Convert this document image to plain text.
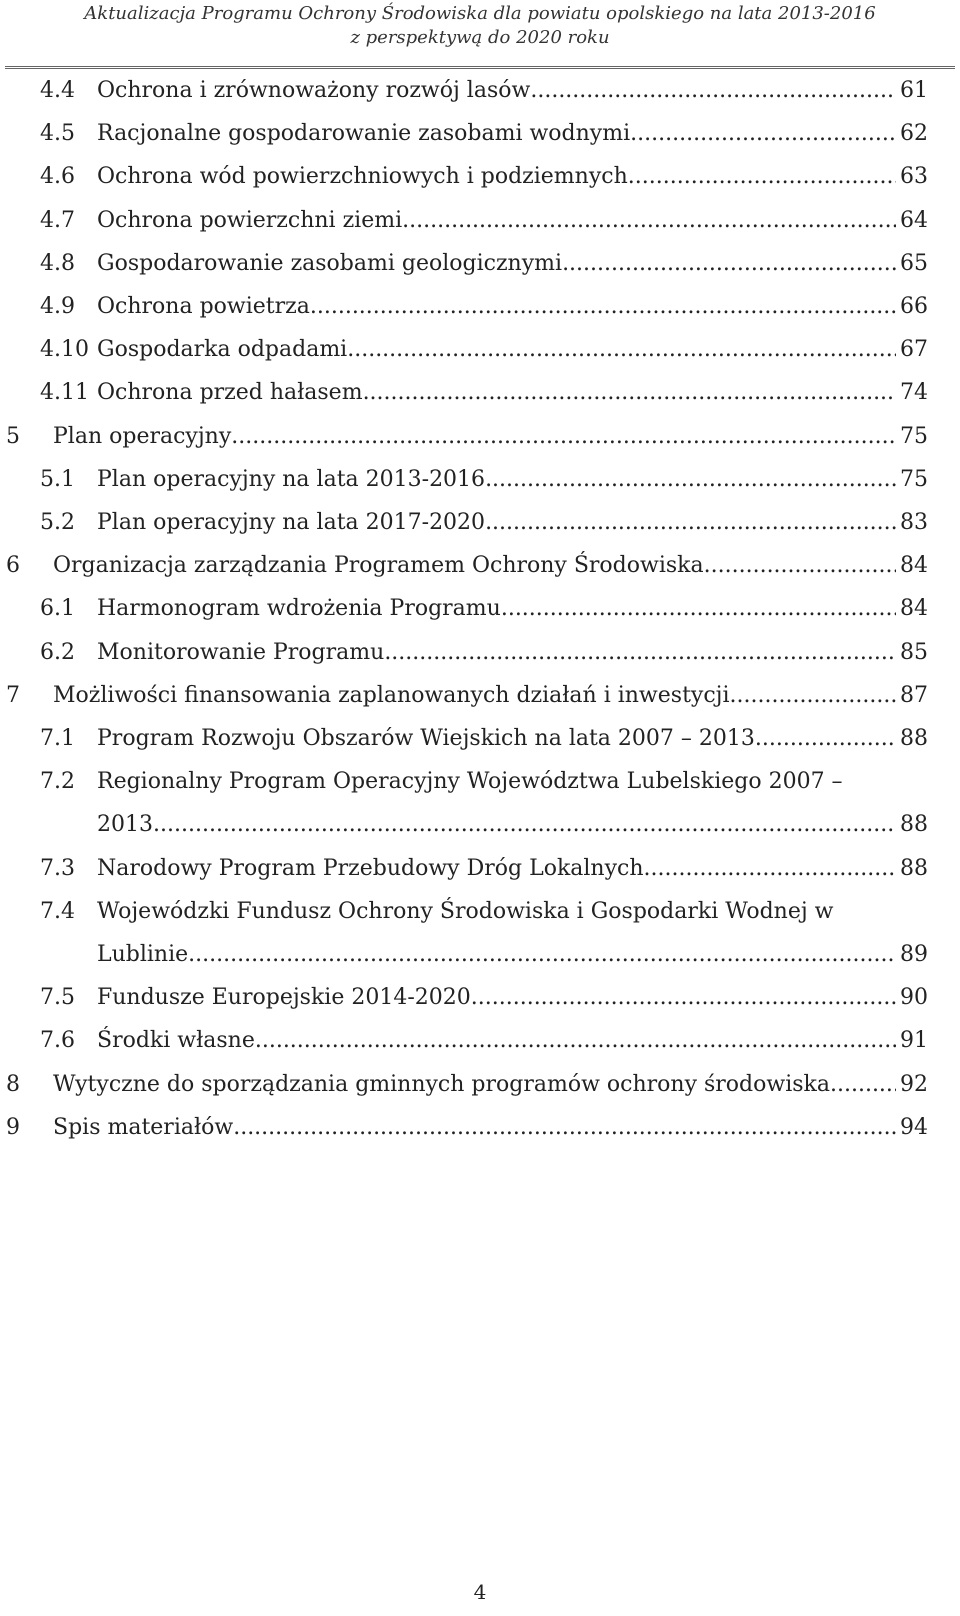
Aktualizacja Programu Ochrony Środowiska dla powiatu opolskiego na lata 2013-2016
z perspektywą do 2020 roku
4.4 Ochrona i zrównoważony rozwój lasów .....	61
4.5 Racjonalne gospodarowanie zasobami wodnymi .....	62
4.6 Ochrona wód powierzchniowych i podziemnych .....	63
4.7 Ochrona powierzchni ziemi .....	64
4.8 Gospodarowanie zasobami geologicznymi .....	65
4.9 Ochrona powietrza .....	66
4.10 Gospodarka odpadami .....	67
4.11 Ochrona przed hałasem .....	74
5 Plan operacyjny .....	75
5.1 Plan operacyjny na lata 2013-2016 .....	75
5.2 Plan operacyjny na lata 2017-2020 .....	83
6 Organizacja zarządzania Programem Ochrony Środowiska .....	84
6.1 Harmonogram wdrożenia Programu .....	84
6.2 Monitorowanie Programu .....	85
7 Możliwości finansowania zaplanowanych działań i inwestycji .....	87
7.1 Program Rozwoju Obszarów Wiejskich na lata 2007 – 2013 .....	88
7.2 Regionalny Program Operacyjny Województwa Lubelskiego 2007 –
2013 .....	88
7.3 Narodowy Program Przebudowy Dróg Lokalnych .....	88
7.4 Wojewódzki Fundusz Ochrony Środowiska i Gospodarki Wodnej w
Lublinie .....	89
7.5 Fundusze Europejskie 2014-2020 .....	90
7.6 Środki własne .....	91
8 Wytyczne do sporządzania gminnych programów ochrony środowiska .....	92
9 Spis materiałów .....	94
4
